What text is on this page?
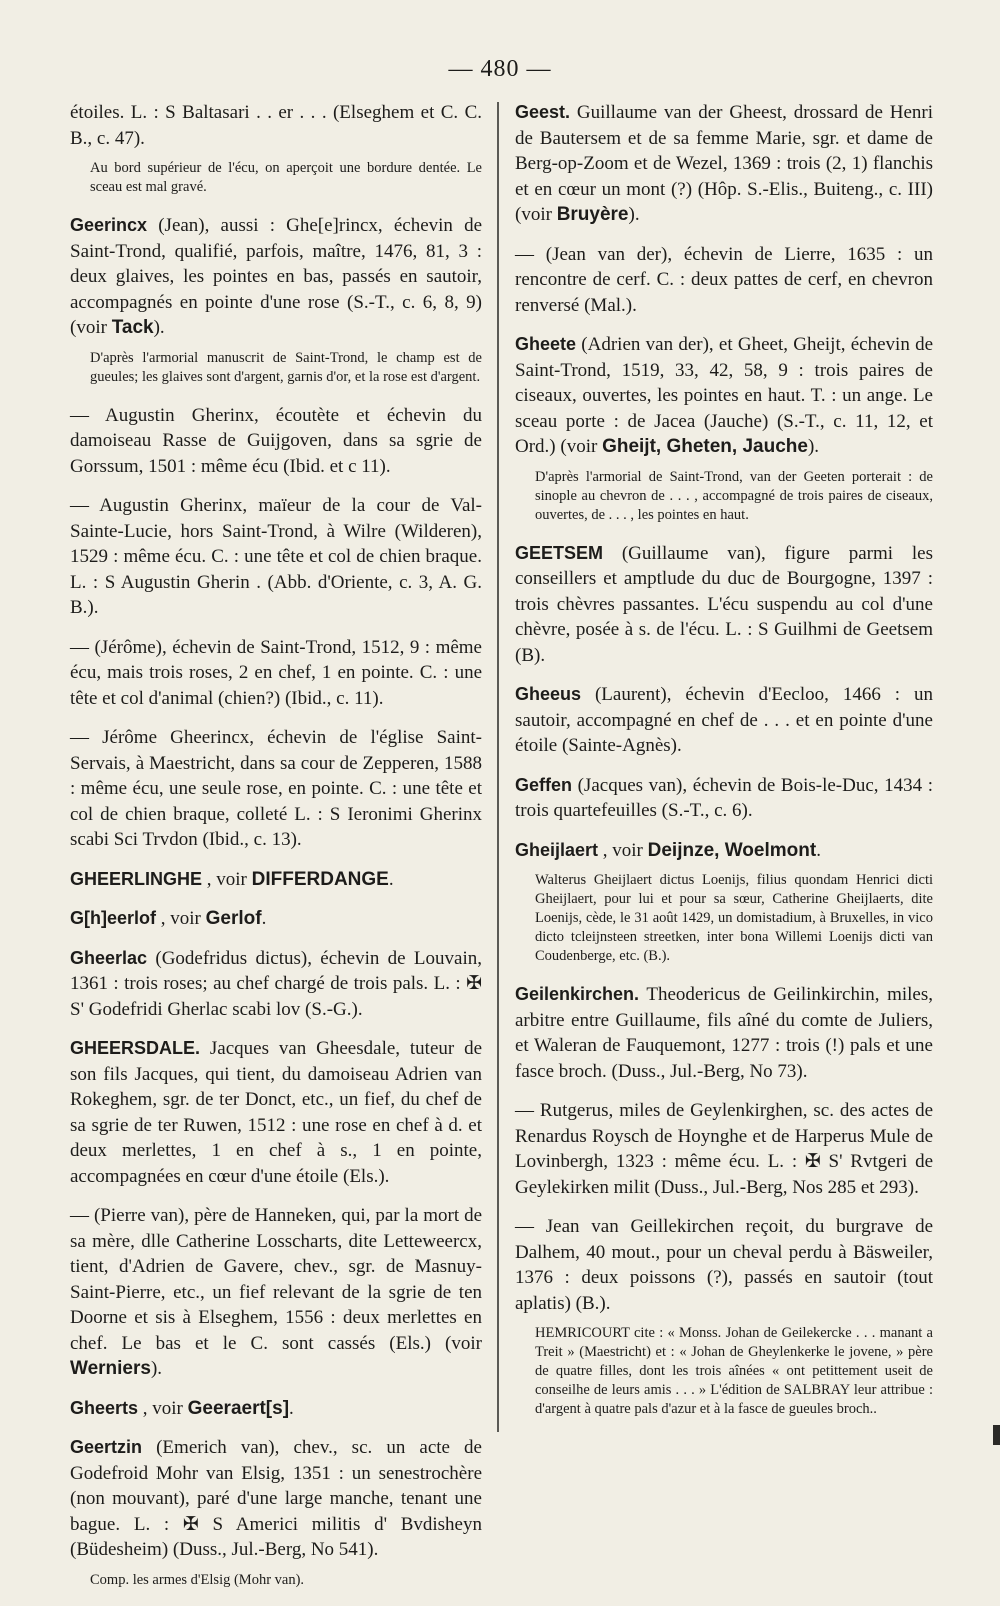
— 480 —

étoiles. L. : S Baltasari . . er . . . (Elseghem et C. C. B., c. 47).

Au bord supérieur de l'écu, on aperçoit une bordure dentée. Le sceau est mal gravé.

Geerincx (Jean), aussi : Ghe[e]rincx, échevin de Saint-Trond, qualifié, parfois, maître, 1476, 81, 3 : deux glaives, les pointes en bas, passés en sautoir, accompagnés en pointe d'une rose (S.-T., c. 6, 8, 9) (voir Tack).

D'après l'armorial manuscrit de Saint-Trond, le champ est de gueules; les glaives sont d'argent, garnis d'or, et la rose est d'argent.

— Augustin Gherinx, écoutète et échevin du damoiseau Rasse de Guijgoven, dans sa sgrie de Gorssum, 1501 : même écu (Ibid. et c 11).

— Augustin Gherinx, maïeur de la cour de Val-Sainte-Lucie, hors Saint-Trond, à Wilre (Wilderen), 1529 : même écu. C. : une tête et col de chien braque. L. : S Augustin Gherin . (Abb. d'Oriente, c. 3, A. G. B.).

— (Jérôme), échevin de Saint-Trond, 1512, 9 : même écu, mais trois roses, 2 en chef, 1 en pointe. C. : une tête et col d'animal (chien?) (Ibid., c. 11).

— Jérôme Gheerincx, échevin de l'église Saint-Servais, à Maestricht, dans sa cour de Zepperen, 1588 : même écu, une seule rose, en pointe. C. : une tête et col de chien braque, colleté L. : S Ieronimi Gherinx scabi Sci Trvdon (Ibid., c. 13).

GHEERLINGHE , voir DIFFERDANGE.

G[h]eerlof , voir Gerlof.

Gheerlac (Godefridus dictus), échevin de Louvain, 1361 : trois roses; au chef chargé de trois pals. L. : ✠ S' Godefridi Gherlac scabi lov (S.-G.).

GHEERSDALE. Jacques van Gheesdale, tuteur de son fils Jacques, qui tient, du damoiseau Adrien van Rokeghem, sgr. de ter Donct, etc., un fief, du chef de sa sgrie de ter Ruwen, 1512 : une rose en chef à d. et deux merlettes, 1 en chef à s., 1 en pointe, accompagnées en cœur d'une étoile (Els.).

— (Pierre van), père de Hanneken, qui, par la mort de sa mère, dlle Catherine Losscharts, dite Letteweercx, tient, d'Adrien de Gavere, chev., sgr. de Masnuy-Saint-Pierre, etc., un fief relevant de la sgrie de ten Doorne et sis à Elseghem, 1556 : deux merlettes en chef. Le bas et le C. sont cassés (Els.) (voir Werniers).

Gheerts , voir Geeraert[s].

Geertzin (Emerich van), chev., sc. un acte de Godefroid Mohr van Elsig, 1351 : un senestrochère (non mouvant), paré d'une large manche, tenant une bague. L. : ✠ S Americi militis d' Bvdisheyn (Büdesheim) (Duss., Jul.-Berg, No 541).

Comp. les armes d'Elsig (Mohr van).

Geest. Guillaume van der Gheest, drossard de Henri de Bautersem et de sa femme Marie, sgr. et dame de Berg-op-Zoom et de Wezel, 1369 : trois (2, 1) flanchis et en cœur un mont (?) (Hôp. S.-Elis., Buiteng., c. III) (voir Bruyère).

— (Jean van der), échevin de Lierre, 1635 : un rencontre de cerf. C. : deux pattes de cerf, en chevron renversé (Mal.).

Gheete (Adrien van der), et Gheet, Gheijt, échevin de Saint-Trond, 1519, 33, 42, 58, 9 : trois paires de ciseaux, ouvertes, les pointes en haut. T. : un ange. Le sceau porte : de Jacea (Jauche) (S.-T., c. 11, 12, et Ord.) (voir Gheijt, Gheten, Jauche).

D'après l'armorial de Saint-Trond, van der Geeten porterait : de sinople au chevron de . . . , accompagné de trois paires de ciseaux, ouvertes, de . . . , les pointes en haut.

GEETSEM (Guillaume van), figure parmi les conseillers et amptlude du duc de Bourgogne, 1397 : trois chèvres passantes. L'écu suspendu au col d'une chèvre, posée à s. de l'écu. L. : S Guilhmi de Geetsem (B).

Gheeus (Laurent), échevin d'Eecloo, 1466 : un sautoir, accompagné en chef de . . . et en pointe d'une étoile (Sainte-Agnès).

Geffen (Jacques van), échevin de Bois-le-Duc, 1434 : trois quartefeuilles (S.-T., c. 6).

Gheijlaert , voir Deijnze, Woelmont.

Walterus Gheijlaert dictus Loenijs, filius quondam Henrici dicti Gheijlaert, pour lui et pour sa sœur, Catherine Gheijlaerts, dite Loenijs, cède, le 31 août 1429, un domistadium, à Bruxelles, in vico dicto tcleijnsteen streetken, inter bona Willemi Loenijs dicti van Coudenberge, etc. (B.).

Geilenkirchen. Theodericus de Geilinkirchin, miles, arbitre entre Guillaume, fils aîné du comte de Juliers, et Waleran de Fauquemont, 1277 : trois (!) pals et une fasce broch. (Duss., Jul.-Berg, No 73).

— Rutgerus, miles de Geylenkirghen, sc. des actes de Renardus Roysch de Hoynghe et de Harperus Mule de Lovinbergh, 1323 : même écu. L. : ✠ S' Rvtgeri de Geylekirken milit (Duss., Jul.-Berg, Nos 285 et 293).

— Jean van Geillekirchen reçoit, du burgrave de Dalhem, 40 mout., pour un cheval perdu à Bäsweiler, 1376 : deux poissons (?), passés en sautoir (tout aplatis) (B.).

HEMRICOURT cite : « Monss. Johan de Geilekercke . . . manant a Treit » (Maestricht) et : « Johan de Gheylenkerke le jovene, » père de quatre filles, dont les trois aînées « ont petittement useit de conseilhe de leurs amis . . . » L'édition de SALBRAY leur attribue : d'argent à quatre pals d'azur et à la fasce de gueules broch..
